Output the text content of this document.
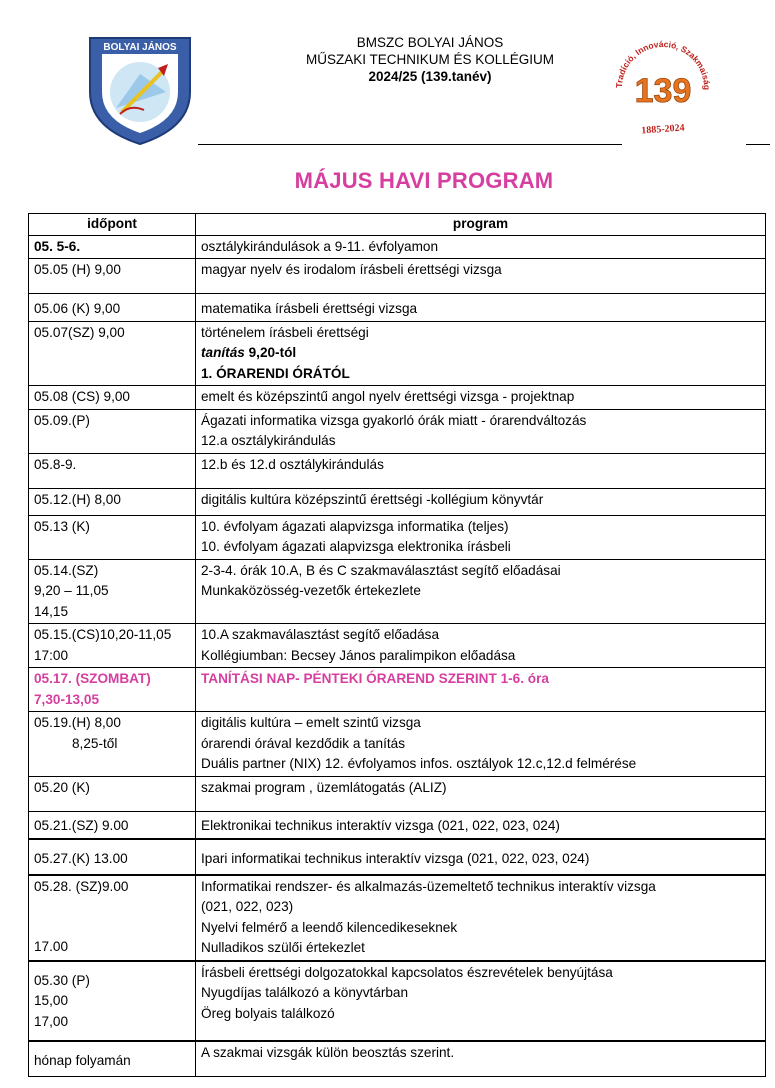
BOLYAI JÁNOS	BMSZC BOLYAI JÁNOS
MŰSZAKI TECHNIKUM ÉS KOLLÉGIUM
2024/25 (139.tanév)
Tradíció, Innováció, Szakmaiság
139
1885-2024
MÁJUS HAVI PROGRAM
időpont	program

05. 5-6.	osztálykirándulások a 9-11. évfolyamon

05.05 (H) 9,00	magyar nyelv és irodalom írásbeli érettségi vizsga

05.06 (K) 9,00	matematika írásbeli érettségi vizsga

05.07(SZ) 9,00	történelem írásbeli érettségi
tanítás 9,20-tól
1. ÓRARENDI ÓRÁTÓL

05.08 (CS) 9,00	emelt és középszintű angol nyelv érettségi vizsga - projektnap

05.09.(P)	Ágazati informatika vizsga gyakorló órák miatt - órarendváltozás
12.a osztálykirándulás

05.8-9.	12.b és 12.d osztálykirándulás

05.12.(H) 8,00	digitális kultúra középszintű érettségi -kollégium könyvtár

05.13 (K)	10. évfolyam ágazati alapvizsga informatika (teljes)
10. évfolyam ágazati alapvizsga elektronika írásbeli

05.14.(SZ)
9,20 – 11,05
14,15	2-3-4. órák 10.A, B és C szakmaválasztást segítő előadásai
Munkaközösség-vezetők értekezlete

05.15.(CS)10,20-11,05
17:00	10.A szakmaválasztást segítő előadása
Kollégiumban: Becsey János paralimpikon előadása

05.17. (SZOMBAT)
7,30-13,05	TANÍTÁSI NAP- PÉNTEKI ÓRAREND SZERINT 1-6. óra

05.19.(H) 8,00
8,25-től	digitális kultúra – emelt szintű vizsga
órarendi órával kezdődik a tanítás
Duális partner (NIX) 12. évfolyamos infos. osztályok 12.c,12.d felmérése

05.20 (K)	szakmai program , üzemlátogatás (ALIZ)

05.21.(SZ) 9.00	Elektronikai technikus interaktív vizsga (021, 022, 023, 024)

05.27.(K) 13.00	Ipari informatikai technikus interaktív vizsga (021, 022, 023, 024)

05.28. (SZ)9.00
17.00	Informatikai rendszer- és alkalmazás-üzemeltető technikus interaktív vizsga
(021, 022, 023)
Nyelvi felmérő a leendő kilencedikeseknek
Nulladikos szülői értekezlet

05.30 (P)
15,00
17,00	Írásbeli érettségi dolgozatokkal kapcsolatos észrevételek benyújtása
Nyugdíjas találkozó a könyvtárban
Öreg bolyais találkozó

hónap folyamán	A szakmai vizsgák külön beosztás szerint.
